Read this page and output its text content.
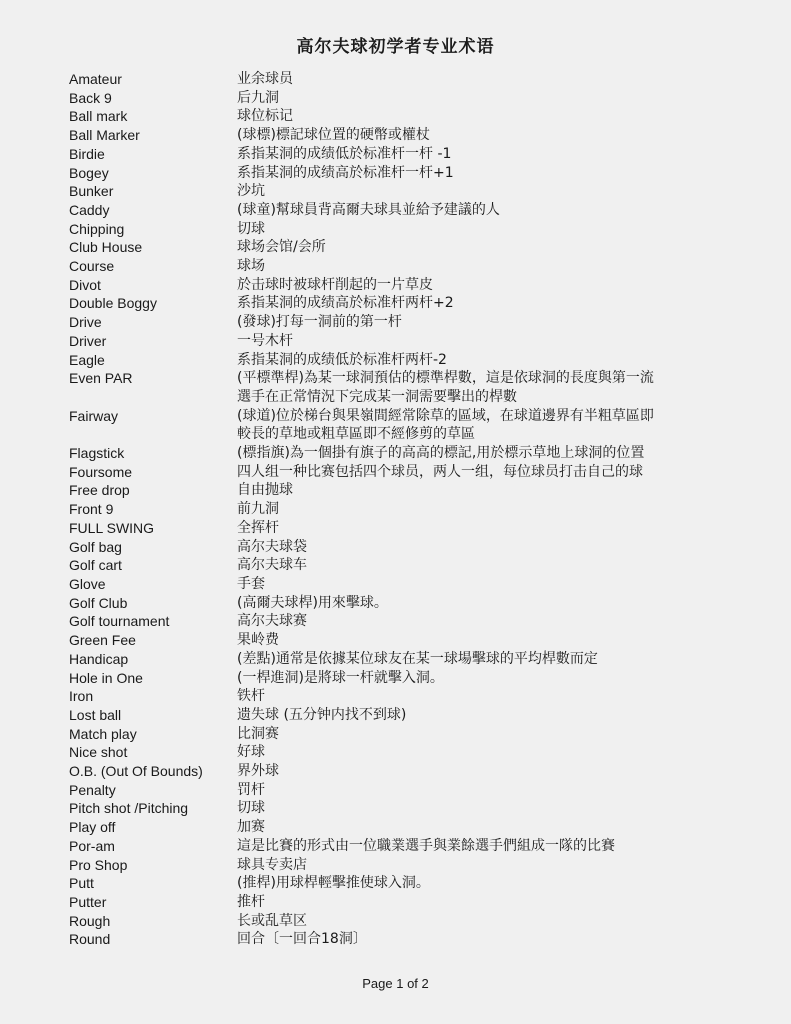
高尔夫球初学者专业术语
Amateur	业余球员
Back 9	后九洞
Ball mark	球位标记
Ball Marker	(球標)標記球位置的硬幣或權杖
Birdie	系指某洞的成绩低於标准杆一杆 -1
Bogey	系指某洞的成绩高於标准杆一杆+1
Bunker	沙坑
Caddy	(球童)幫球員背高爾夫球具並給予建議的人
Chipping	切球
Club House	球场会馆/会所
Course	球场
Divot	於击球时被球杆削起的一片草皮
Double Boggy	系指某洞的成绩高於标准杆两杆+2
Drive	(發球)打每一洞前的第一杆
Driver	一号木杆
Eagle	系指某洞的成绩低於标准杆两杆-2
Even PAR	(平標準桿)為某一球洞預估的標準桿數，這是依球洞的長度與第一流選手在正常情況下完成某一洞需要擊出的桿數
Fairway	(球道)位於梯台與果嶺間經常除草的區域，在球道邊界有半粗草區即較長的草地或粗草區即不經修剪的草區
Flagstick	(標指旗)為一個掛有旗子的高高的標記,用於標示草地上球洞的位置
Foursome	四人组一种比赛包括四个球员，两人一组，每位球员打击自己的球
Free drop	自由抛球
Front 9	前九洞
FULL SWING	全挥杆
Golf bag	高尔夫球袋
Golf cart	高尔夫球车
Glove	手套
Golf Club	(高爾夫球桿)用來擊球。
Golf tournament	高尔夫球赛
Green Fee	果岭费
Handicap	(差點)通常是依據某位球友在某一球場擊球的平均桿數而定
Hole in One	(一桿進洞)是將球一杆就擊入洞。
Iron	铁杆
Lost ball	遗失球 (五分钟内找不到球)
Match play	比洞赛
Nice shot	好球
O.B. (Out Of Bounds)	界外球
Penalty	罚杆
Pitch shot /Pitching	切球
Play off	加赛
Por-am	這是比賽的形式由一位職業選手與業餘選手們組成一隊的比賽
Pro Shop	球具专卖店
Putt	(推桿)用球桿輕擊推使球入洞。
Putter	推杆
Rough	长或乱草区
Round	回合〔一回合18洞〕
Page 1 of 2
